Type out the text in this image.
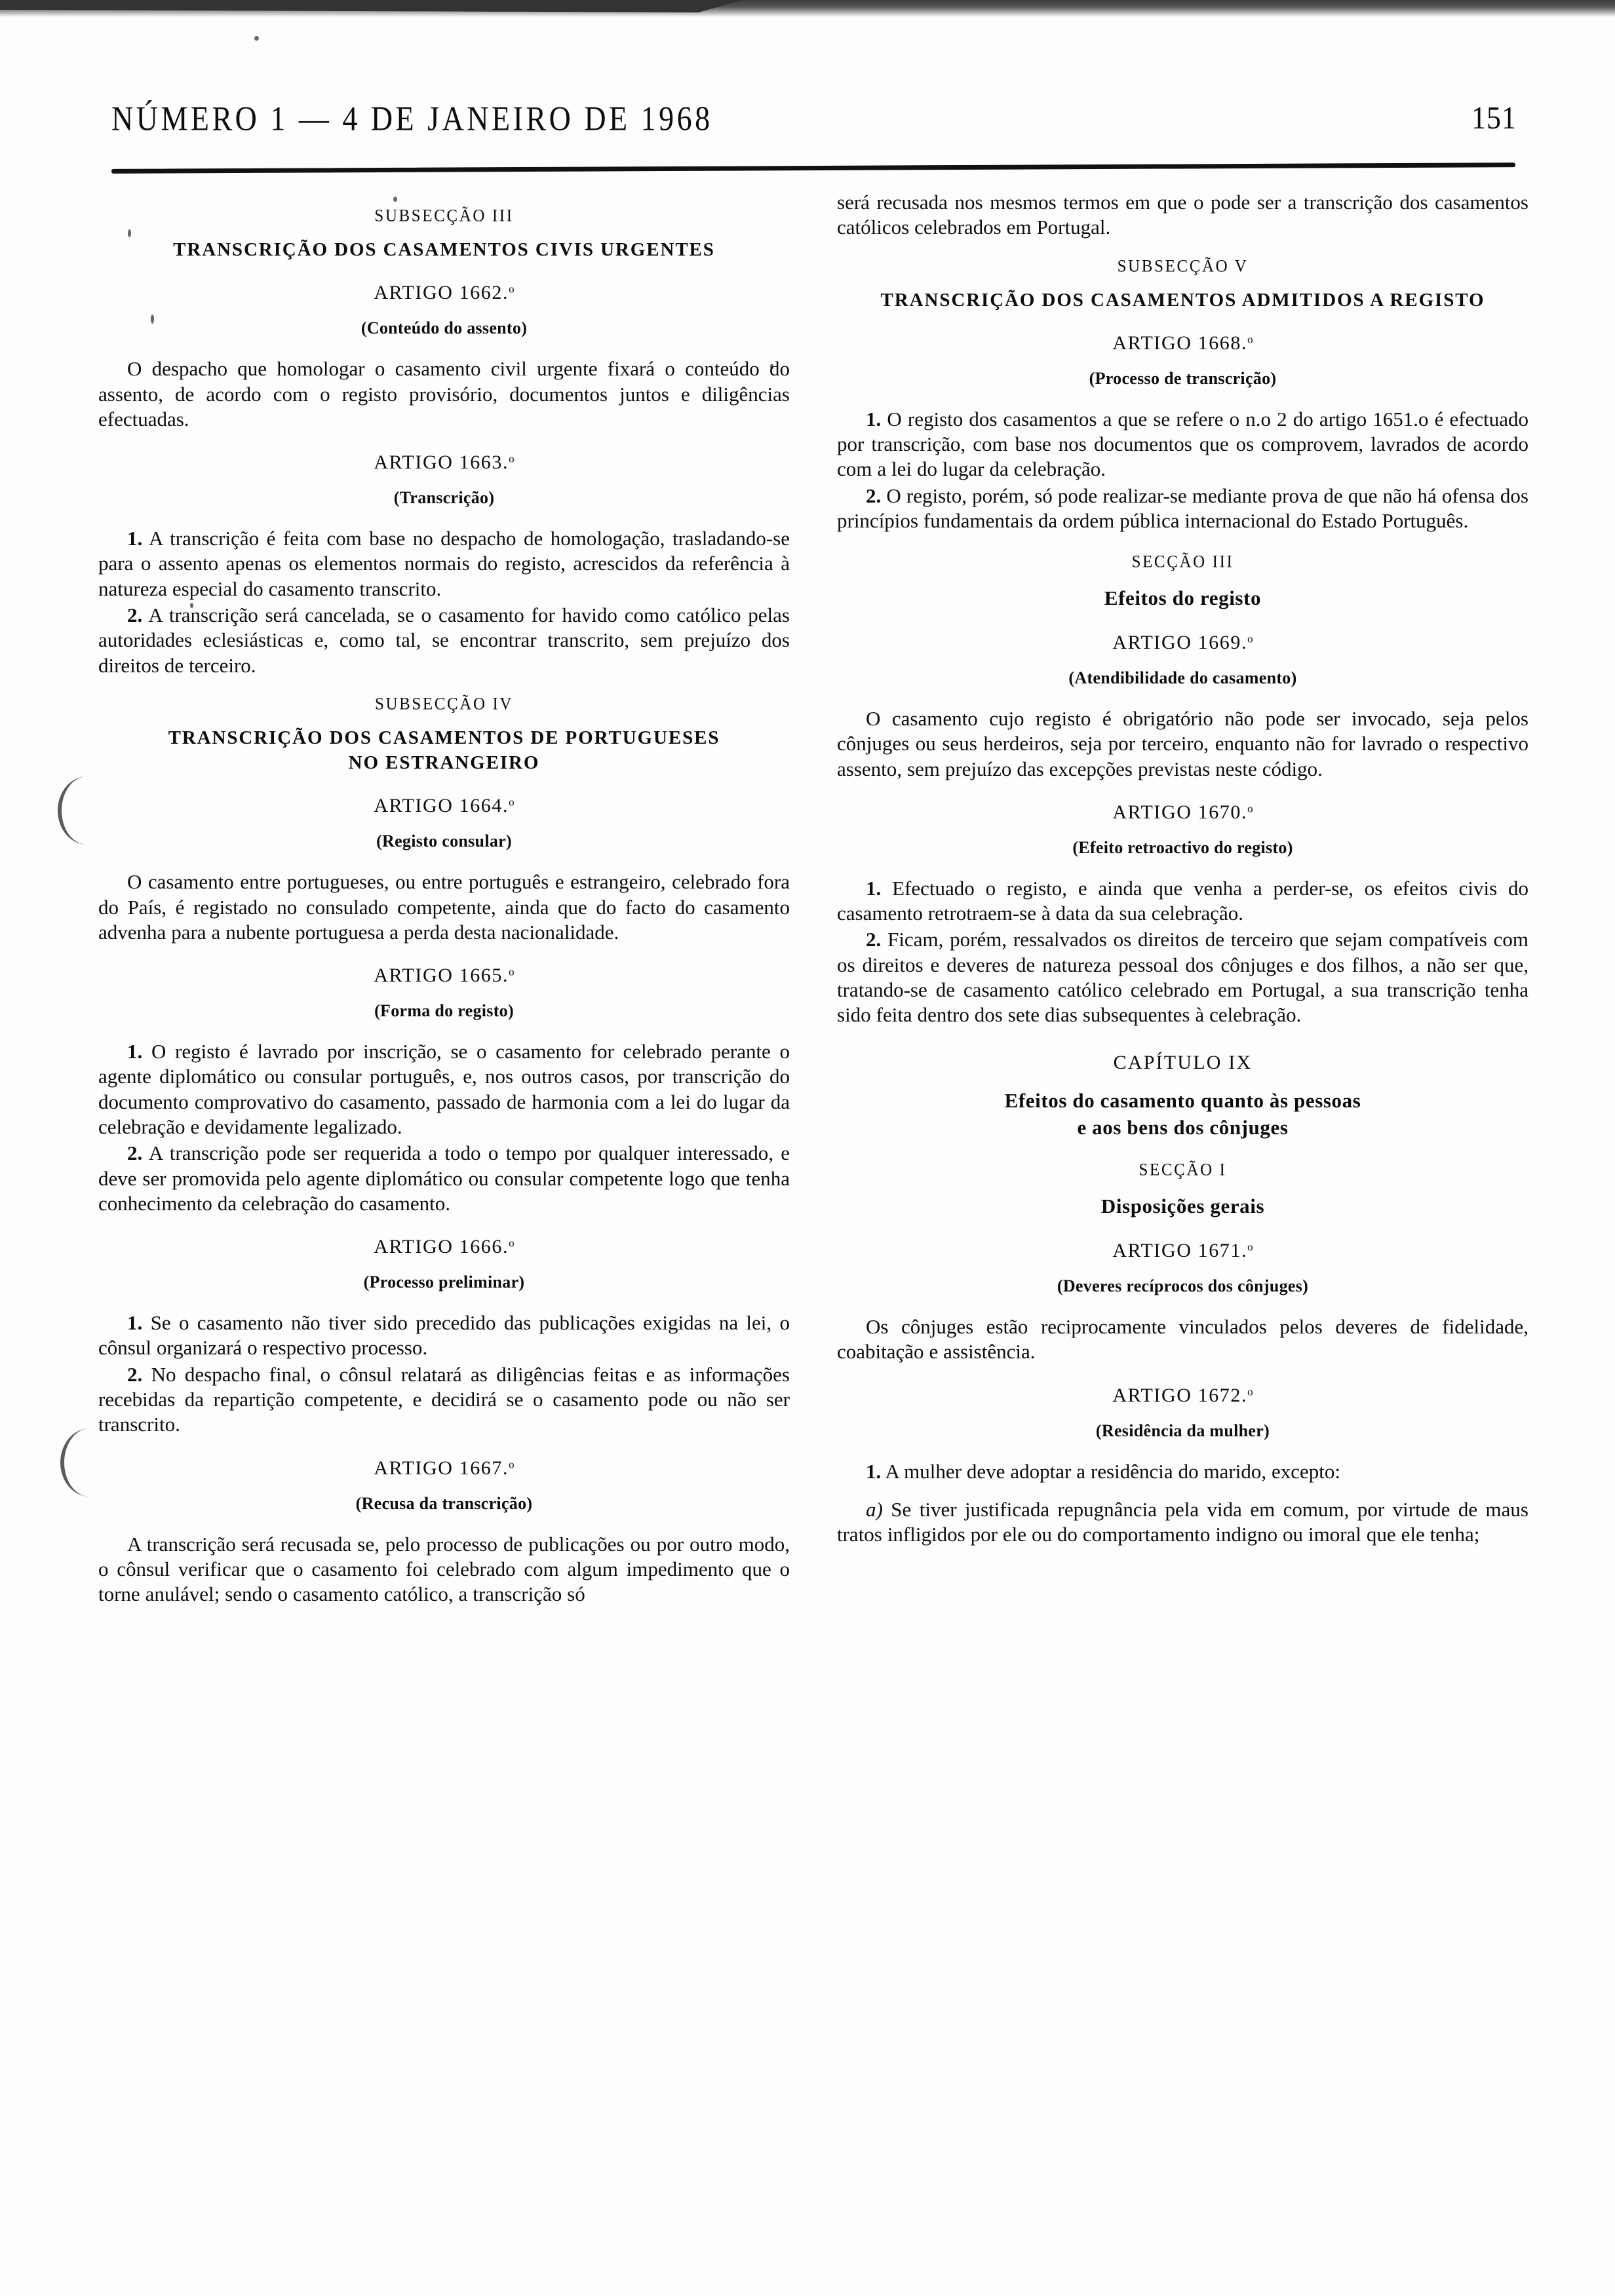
NÚMERO 1 — 4 DE JANEIRO DE 1968	151
SUBSECÇÃO III
TRANSCRIÇÃO DOS CASAMENTOS CIVIS URGENTES
ARTIGO 1662.$^o$
(Conteúdo do assento)

O despacho que homologar o casamento civil urgente fixará o conteúdo do assento, de acordo com o registo provisório, documentos juntos e diligências efectuadas.

ARTIGO 1663.$^o$
(Transcrição)

1. A transcrição é feita com base no despacho de homologação, trasladando-se para o assento apenas os elementos normais do registo, acrescidos da referência à natureza especial do casamento transcrito.

2. A transcrição será cancelada, se o casamento for havido como católico pelas autoridades eclesiásticas e, como tal, se encontrar transcrito, sem prejuízo dos direitos de terceiro.

SUBSECÇÃO IV
TRANSCRIÇÃO DOS CASAMENTOS DE PORTUGUESES
NO ESTRANGEIRO
ARTIGO 1664.$^o$
(Registo consular)

O casamento entre portugueses, ou entre português e estrangeiro, celebrado fora do País, é registado no consulado competente, ainda que do facto do casamento advenha para a nubente portuguesa a perda desta nacionalidade.

ARTIGO 1665.$^o$
(Forma do registo)

1. O registo é lavrado por inscrição, se o casamento for celebrado perante o agente diplomático ou consular português, e, nos outros casos, por transcrição do documento comprovativo do casamento, passado de harmonia com a lei do lugar da celebração e devidamente legalizado.

2. A transcrição pode ser requerida a todo o tempo por qualquer interessado, e deve ser promovida pelo agente diplomático ou consular competente logo que tenha conhecimento da celebração do casamento.

ARTIGO 1666.$^o$
(Processo preliminar)

1. Se o casamento não tiver sido precedido das publicações exigidas na lei, o cônsul organizará o respectivo processo.

2. No despacho final, o cônsul relatará as diligências feitas e as informações recebidas da repartição competente, e decidirá se o casamento pode ou não ser transcrito.

ARTIGO 1667.$^o$
(Recusa da transcrição)

A transcrição será recusada se, pelo processo de publicações ou por outro modo, o cônsul verificar que o casamento foi celebrado com algum impedimento que o torne anulável; sendo o casamento católico, a transcrição só

será recusada nos mesmos termos em que o pode ser a transcrição dos casamentos católicos celebrados em Portugal.

SUBSECÇÃO V
TRANSCRIÇÃO DOS CASAMENTOS ADMITIDOS A REGISTO
ARTIGO 1668.$^o$
(Processo de transcrição)

1. O registo dos casamentos a que se refere o n.o 2 do artigo 1651.o é efectuado por transcrição, com base nos documentos que os comprovem, lavrados de acordo com a lei do lugar da celebração.

2. O registo, porém, só pode realizar-se mediante prova de que não há ofensa dos princípios fundamentais da ordem pública internacional do Estado Português.

SECÇÃO III
Efeitos do registo
ARTIGO 1669.$^o$
(Atendibilidade do casamento)

O casamento cujo registo é obrigatório não pode ser invocado, seja pelos cônjuges ou seus herdeiros, seja por terceiro, enquanto não for lavrado o respectivo assento, sem prejuízo das excepções previstas neste código.

ARTIGO 1670.$^o$
(Efeito retroactivo do registo)

1. Efectuado o registo, e ainda que venha a perder-se, os efeitos civis do casamento retrotraem-se à data da sua celebração.

2. Ficam, porém, ressalvados os direitos de terceiro que sejam compatíveis com os direitos e deveres de natureza pessoal dos cônjuges e dos filhos, a não ser que, tratando-se de casamento católico celebrado em Portugal, a sua transcrição tenha sido feita dentro dos sete dias subsequentes à celebração.

CAPÍTULO IX
Efeitos do casamento quanto às pessoas
e aos bens dos cônjuges
SECÇÃO I
Disposições gerais
ARTIGO 1671.$^o$
(Deveres recíprocos dos cônjuges)

Os cônjuges estão reciprocamente vinculados pelos deveres de fidelidade, coabitação e assistência.

ARTIGO 1672.$^o$
(Residência da mulher)

1. A mulher deve adoptar a residência do marido, excepto:

a) Se tiver justificada repugnância pela vida em comum, por virtude de maus tratos infligidos por ele ou do comportamento indigno ou imoral que ele tenha;
